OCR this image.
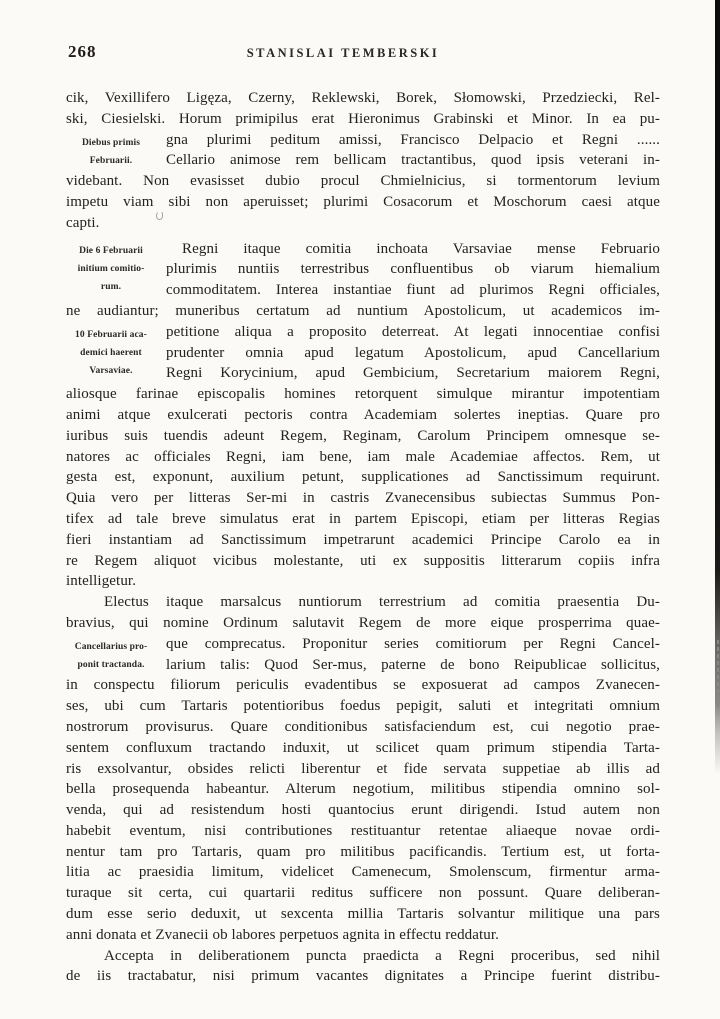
268	STANISLAI TEMBERSKI
Diebus primis
Februarii.
Die 6 Februarii
initium comitio-
rum.
10 Februarii aca-
demici haerent
Varsaviae.
Cancellarius pro-
ponit tractanda.
cik, Vexillifero Ligęza, Czerny, Reklewski, Borek, Słomowski, Przedziecki, Rel-
ski, Ciesielski. Horum primipilus erat Hieronimus Grabinski et Minor. In ea pu-
gna plurimi peditum amissi, Francisco Delpacio et Regni ......
Cellario animose rem bellicam tractantibus, quod ipsis veterani in-
videbant. Non evasisset dubio procul Chmielnicius, si tormentorum levium
impetu viam sibi non aperuisset; plurimi Cosacorum et Moschorum caesi atque
capti.
Regni itaque comitia inchoata Varsaviae mense Februario
plurimis nuntiis terrestribus confluentibus ob viarum hiemalium
commoditatem. Interea instantiae fiunt ad plurimos Regni officiales,
ne audiantur; muneribus certatum ad nuntium Apostolicum, ut academicos im-
petitione aliqua a proposito deterreat. At legati innocentiae confisi
prudenter omnia apud legatum Apostolicum, apud Cancellarium
Regni Korycinium, apud Gembicium, Secretarium maiorem Regni,
aliosque farinae episcopalis homines retorquent simulque mirantur impotentiam
animi atque exulcerati pectoris contra Academiam solertes ineptias. Quare pro
iuribus suis tuendis adeunt Regem, Reginam, Carolum Principem omnesque se-
natores ac officiales Regni, iam bene, iam male Academiae affectos. Rem, ut
gesta est, exponunt, auxilium petunt, supplicationes ad Sanctissimum requirunt.
Quia vero per litteras Ser-mi in castris Zvanecensibus subiectas Summus Pon-
tifex ad tale breve simulatus erat in partem Episcopi, etiam per litteras Regias
fieri instantiam ad Sanctissimum impetrarunt academici Principe Carolo ea in
re Regem aliquot vicibus molestante, uti ex suppositis litterarum copiis infra
intelligetur.
Electus itaque marsalcus nuntiorum terrestrium ad comitia praesentia Du-
bravius, qui nomine Ordinum salutavit Regem de more eique prosperrima quae-
que comprecatus. Proponitur series comitiorum per Regni Cancel-
larium talis: Quod Ser-mus, paterne de bono Reipublicae sollicitus,
in conspectu filiorum periculis evadentibus se exposuerat ad campos Zvanecen-
ses, ubi cum Tartaris potentioribus foedus pepigit, saluti et integritati omnium
nostrorum provisurus. Quare conditionibus satisfaciendum est, cui negotio prae-
sentem confluxum tractando induxit, ut scilicet quam primum stipendia Tarta-
ris exsolvantur, obsides relicti liberentur et fide servata suppetiae ab illis ad
bella prosequenda habeantur. Alterum negotium, militibus stipendia omnino sol-
venda, qui ad resistendum hosti quantocius erunt dirigendi. Istud autem non
habebit eventum, nisi contributiones restituantur retentae aliaeque novae ordi-
nentur tam pro Tartaris, quam pro militibus pacificandis. Tertium est, ut forta-
litia ac praesidia limitum, videlicet Camenecum, Smolenscum, firmentur arma-
turaque sit certa, cui quartarii reditus sufficere non possunt. Quare deliberan-
dum esse serio deduxit, ut sexcenta millia Tartaris solvantur militique una pars
anni donata et Zvanecii ob labores perpetuos agnita in effectu reddatur.
Accepta in deliberationem puncta praedicta a Regni proceribus, sed nihil
de iis tractabatur, nisi primum vacantes dignitates a Principe fuerint distribu-
